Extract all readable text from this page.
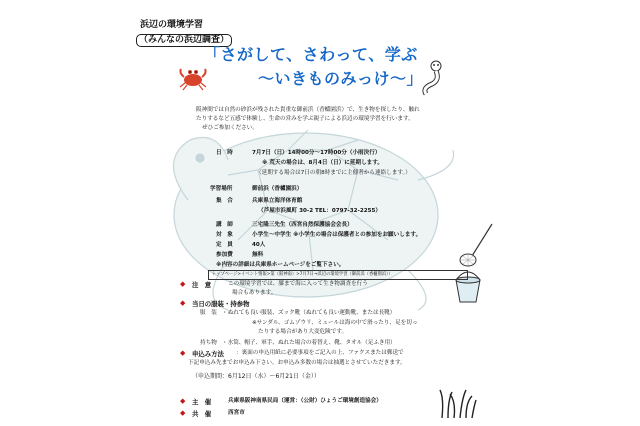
浜辺の環境学習
（みんなの浜辺調査）
「さがして、さわって、学ぶ
〜いきものみっけ〜」
阪神間では自然の砂浜が残された貴重な御前浜（香櫨園浜）で、生き物を探したり、触れ
たりするなど五感で体験し、生命の営みを学ぶ親子による浜辺の環境学習を行います。
ぜひご参加ください。
日　時	7月7日（日）14時00分〜17時00分（小雨決行）
※ 荒天の場合は、8月4日（日）に延期します。
（延期する場合は7日の朝8時までに主催者から連絡します。）
学習場所	御前浜（香櫨園浜）
集　合	兵庫県立海洋体育館
（芦屋市浜風町 30-2 TEL：0797-32-2255）
講　師	三宅隆三先生（西宮自然保護協会会長）
対　象	小学生〜中学生 ※小学生の場合は保護者との参加をお願いします。
定　員	40人
参加費	無料
※内容の詳細は兵庫県ホームページをご覧下さい。
トップページ>イベント情報>第（阪神南）>7月7日→浜辺の環境学習（御前浜（香櫨園浜））
◆ 注　意	この環境学習では、膝まで海に入って生き物調査を行う
場合もあります。
◆ 当日の服装・持参物
服　装 ・ぬれても良い服装、ズック靴（ぬれても良い運動靴、または長靴）
※サンダル、ゴムゾウリ、ミュールは海の中で滑ったり、足を切っ
たりする場合があり大変危険です。
持ち物 ・水筒、帽子、軍手、ぬれた場合の着替え、靴、タオル（足ふき用）
◆ 申込み方法 ：裏面の申込用紙に必要事項をご記入の上、ファクスまたは郵送で
下記申込み先までお申込み下さい。お申込み多数の場合は抽選とさせていただきます。
（申込期間：6月12日（水）〜6月21日（金））
◆ 主　催	兵庫県阪神南県民局（運営：（公財）ひょうご環境創造協会）
◆ 共　催	西宮市
